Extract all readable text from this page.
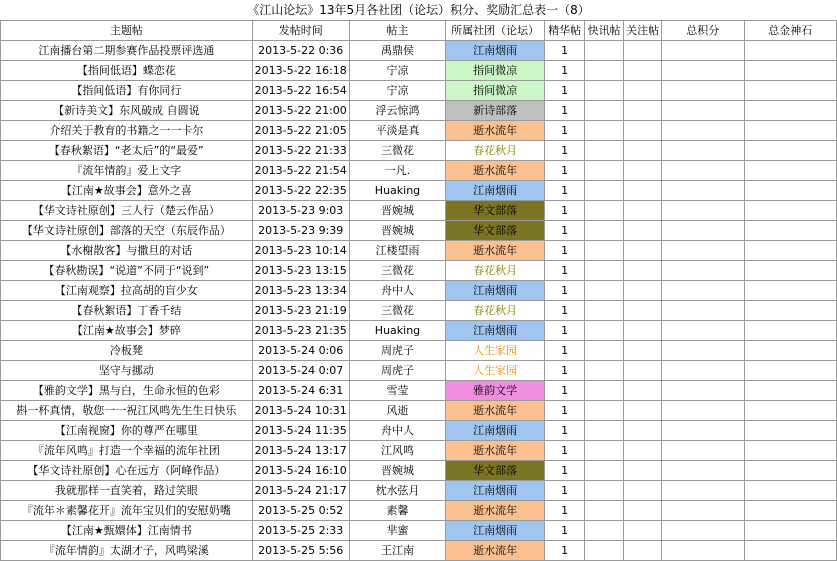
《江山论坛》13年5月各社团（论坛）积分、奖励汇总表一（8）
主题帖	发帖时间	帖主	所属社团（论坛）	精华帖	快讯帖	关注帖	总积分	总金神石
江南播台第二期参赛作品投票评选通	2013-5-22 0:36	禹鼎侯	江南烟雨	1				
【指间低语】蝶恋花	2013-5-22 16:18	宁凉	指间微凉	1				
【指间低语】有你同行	2013-5-22 16:54	宁凉	指间微凉	1				
【新诗美文】东风破成 自圆说	2013-5-22 21:00	浮云惊鸿	新诗部落	1				
介绍关于教育的书籍之一一卡尔	2013-5-22 21:05	平淡是真	逝水流年	1				
【春秋絮语】“老太后”的“最爱”	2013-5-22 21:33	三微花	春花秋月	1				
『流年情韵』爱上文字	2013-5-22 21:54	一凡.	逝水流年	1				
【江南★故事会】意外之喜	2013-5-22 22:35	Huaking	江南烟雨	1				
【华文诗社原创】三人行（楚云作品）	2013-5-23 9:03	晋婉城	华文部落	1				
【华文诗社原创】部落的天空（东辰作品）	2013-5-23 9:39	晋婉城	华文部落	1				
【水榭散客】与撒旦的对话	2013-5-23 10:14	江楼望雨	逝水流年	1				
【春秋勘误】“说道”不同于“说到”	2013-5-23 13:15	三微花	春花秋月	1				
【江南观察】拉高胡的盲少女	2013-5-23 13:34	舟中人	江南烟雨	1				
【春秋絮语】丁香千结	2013-5-23 21:19	三微花	春花秋月	1				
【江南★故事会】梦碎	2013-5-23 21:35	Huaking	江南烟雨	1				
冷板凳	2013-5-24 0:06	周虎子	人生家园	1				
坚守与挪动	2013-5-24 0:07	周虎子	人生家园	1				
【雅韵文学】黑与白，生命永恒的色彩	2013-5-24 6:31	雪莹	雅韵文学	1				
斟一杯真情，敬您一一祝江风鸣先生生日快乐	2013-5-24 10:31	风逝	逝水流年	1				
【江南视窗】你的尊严在哪里	2013-5-24 11:35	舟中人	江南烟雨	1				
『流年风鸣』打造一个幸福的流年社团	2013-5-24 13:17	江风鸣	逝水流年	1				
【华文诗社原创】心在远方（阿峰作品）	2013-5-24 16:10	晋婉城	华文部落	1				
我就那样一直笑着，路过笑眼	2013-5-24 21:17	枕水弦月	江南烟雨	1				
『流年＊素馨花开』流年宝贝们的安慰奶嘴	2013-5-25 0:52	素馨	逝水流年	1				
【江南★甄嬛体】江南情书	2013-5-25 2:33	芈蜜	江南烟雨	1				
『流年情韵』太湖才子，风鸣梁溪	2013-5-25 5:56	王江南	逝水流年	1				
